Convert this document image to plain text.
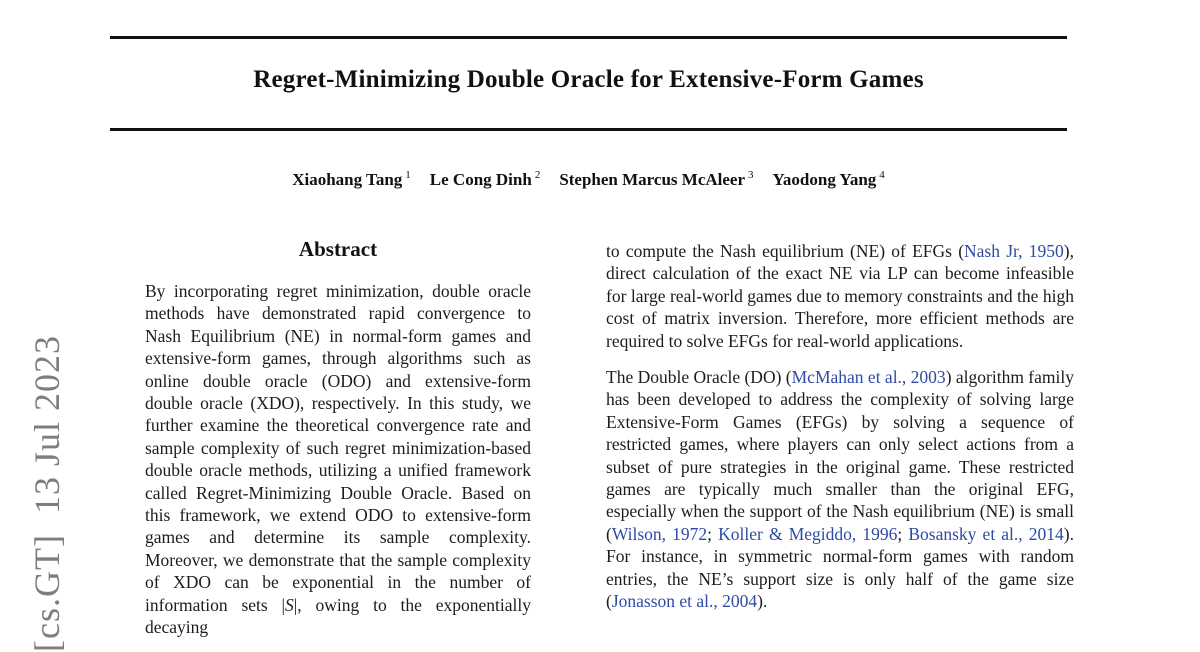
[cs.GT]  13 Jul 2023
Regret-Minimizing Double Oracle for Extensive-Form Games
Xiaohang Tang $^1$ Le Cong Dinh $^2$ Stephen Marcus McAleer $^3$ Yaodong Yang $^4$
Abstract
By incorporating regret minimization, double oracle methods have demonstrated rapid convergence to Nash Equilibrium (NE) in normal-form games and extensive-form games, through algorithms such as online double oracle (ODO) and extensive-form double oracle (XDO), respectively. In this study, we further examine the theoretical convergence rate and sample complexity of such regret minimization-based double oracle methods, utilizing a unified framework called Regret-Minimizing Double Oracle. Based on this framework, we extend ODO to extensive-form games and determine its sample complexity. Moreover, we demonstrate that the sample complexity of XDO can be exponential in the number of information sets |S|, owing to the exponentially decaying

to compute the Nash equilibrium (NE) of EFGs (Nash Jr, 1950), direct calculation of the exact NE via LP can become infeasible for large real-world games due to memory constraints and the high cost of matrix inversion. Therefore, more efficient methods are required to solve EFGs for real-world applications.

The Double Oracle (DO) (McMahan et al., 2003) algorithm family has been developed to address the complexity of solving large Extensive-Form Games (EFGs) by solving a sequence of restricted games, where players can only select actions from a subset of pure strategies in the original game. These restricted games are typically much smaller than the original EFG, especially when the support of the Nash equilibrium (NE) is small (Wilson, 1972; Koller & Megiddo, 1996; Bosansky et al., 2014). For instance, in symmetric normal-form games with random entries, the NE’s support size is only half of the game size (Jonasson et al., 2004).
